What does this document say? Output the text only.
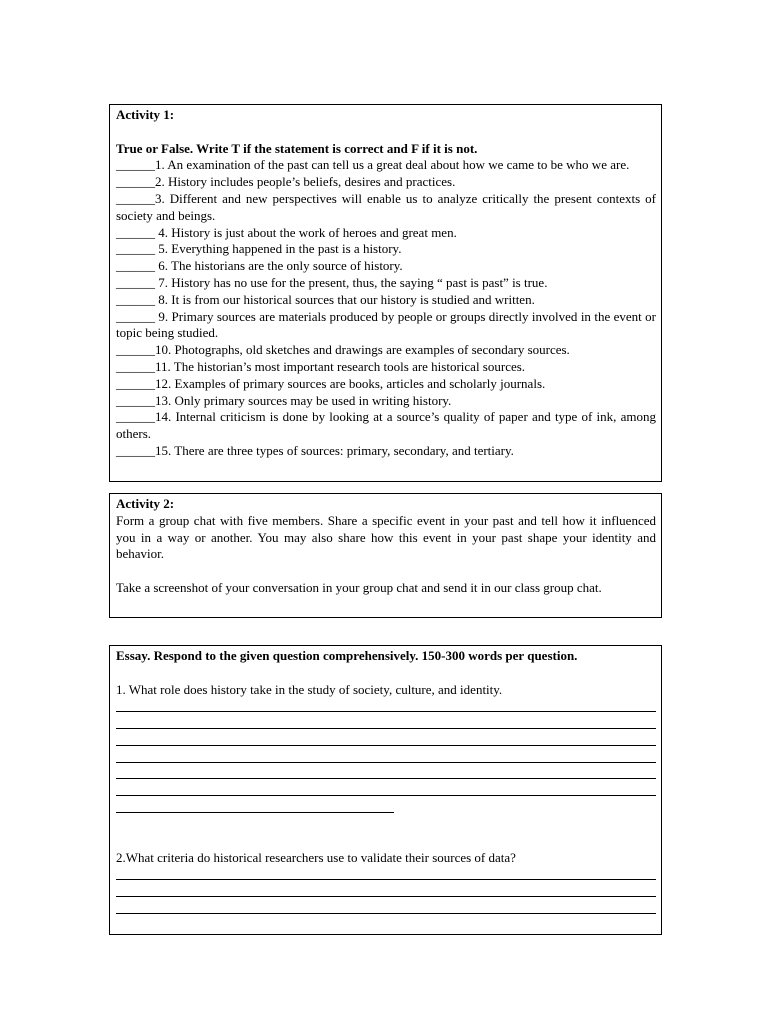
Activity 1:
True or False. Write T if the statement is correct and F if it is not.
______1. An examination of the past can tell us a great deal about how we came to be who we are.
______2. History includes people’s beliefs, desires and practices.
______3. Different and new perspectives will enable us to analyze critically the present contexts of society and beings.
______ 4. History is just about the work of heroes and great men.
______ 5. Everything happened in the past is a history.
______ 6. The historians are the only source of history.
______ 7. History has no use for the present, thus, the saying “ past is past” is true.
______ 8. It is from our historical sources that our history is studied and written.
______ 9. Primary sources are materials produced by people or groups directly involved in the event or topic being studied.
______10. Photographs, old sketches and drawings are examples of secondary sources.
______11. The historian’s most important research tools are historical sources.
______12. Examples of primary sources are books, articles and scholarly journals.
______13. Only primary sources may be used in writing history.
______14. Internal criticism is done by looking at a source’s quality of paper and type of ink, among others.
______15. There are three types of sources: primary, secondary, and tertiary.
Activity 2:
Form a group chat with five members. Share a specific event in your past and tell how it influenced you in a way or another. You may also share how this event in your past shape your identity and behavior.
Take a screenshot of your conversation in your group chat and send it in our class group chat.
Essay. Respond to the given question comprehensively. 150-300 words per question.
1. What role does history take in the study of society, culture, and identity.
2.What criteria do historical researchers use to validate their sources of data?
